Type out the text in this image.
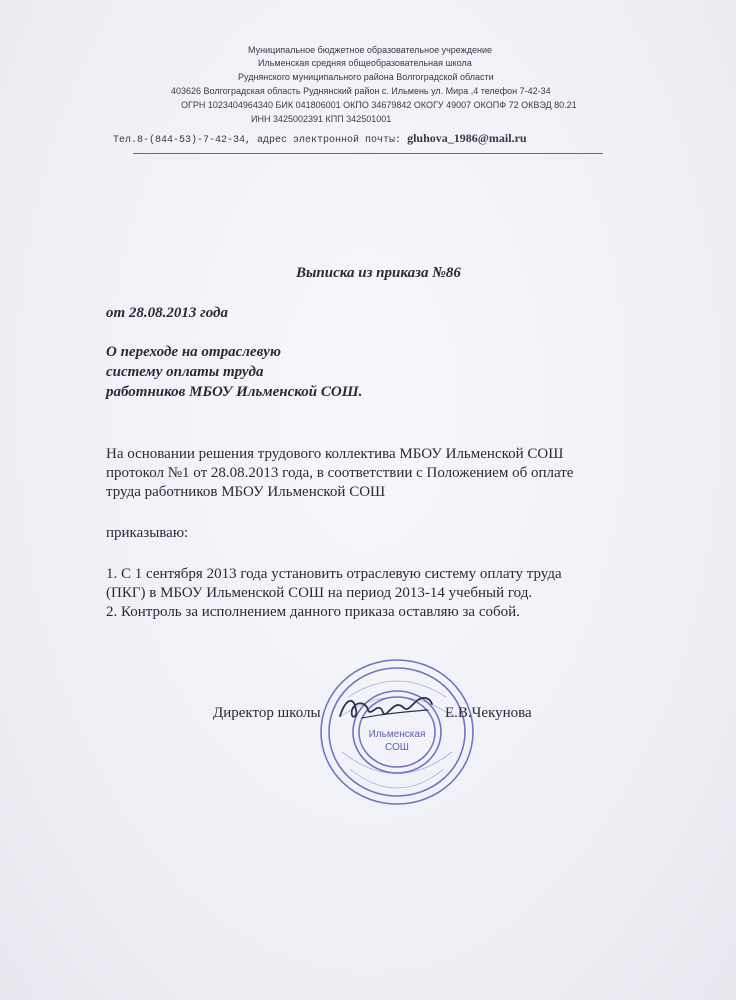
Муниципальное бюджетное образовательное учреждение
Ильменская средняя общеобразовательная школа
Руднянского муниципального района Волгоградской области
403626 Волгоградская область Руднянский район с. Ильмень ул. Мира ,4 телефон 7-42-34
ОГРН 1023404964340 БИК 041806001 ОКПО 34679842 ОКОГУ 49007 ОКОПФ 72 ОКВЭД 80.21
ИНН 3425002391 КПП 342501001
Тел.8-(844-53)-7-42-34, адрес электронной почты: gluhova_1986@mail.ru
Выписка из приказа №86
от 28.08.2013 года
О переходе на отраслевую
систему оплаты труда
работников МБОУ Ильменской СОШ.
На основании решения трудового коллектива МБОУ Ильменской СОШ
протокол №1 от 28.08.2013 года, в соответствии с Положением об оплате
труда работников МБОУ Ильменской СОШ
приказываю:
1. С 1 сентября 2013 года установить отраслевую систему оплату труда
(ПКГ) в МБОУ Ильменской СОШ на период 2013-14 учебный год.
2. Контроль за исполнением данного приказа оставляю за собой.
Ильменская
СОШ
Директор школы	Е.В.Чекунова
